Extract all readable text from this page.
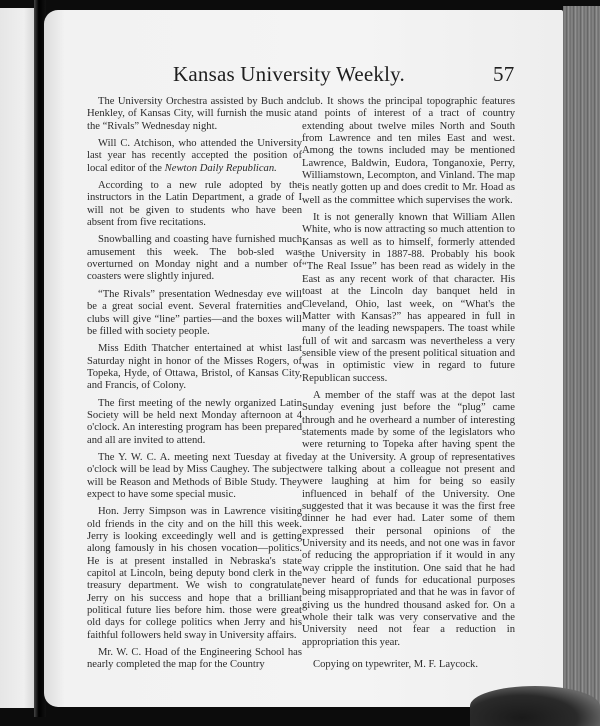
Kansas University Weekly.	57

The University Orchestra assisted by Buch and Henkley, of Kansas City, will furnish the music at the “Rivals” Wednesday night.

Will C. Atchison, who attended the University last year has recently accepted the position of local editor of the Newton Daily Republican.

According to a new rule adopted by the instructors in the Latin Department, a grade of I will not be given to students who have been absent from five recitations.

Snowballing and coasting have furnished much amusement this week. The bob-sled was overturned on Monday night and a number of coasters were slightly injured.

“The Rivals” presentation Wednesday eve will be a great social event. Several fraternities and clubs will give “line” parties—and the boxes will be filled with society people.

Miss Edith Thatcher entertained at whist last Saturday night in honor of the Misses Rogers, of Topeka, Hyde, of Ottawa, Bristol, of Kansas City, and Francis, of Colony.

The first meeting of the newly organized Latin Society will be held next Monday afternoon at 4 o'clock. An interesting program has been prepared and all are invited to attend.

The Y. W. C. A. meeting next Tuesday at five o'clock will be lead by Miss Caughey. The subject will be Reason and Methods of Bible Study. They expect to have some special music.

Hon. Jerry Simpson was in Lawrence visiting old friends in the city and on the hill this week. Jerry is looking exceedingly well and is getting along famously in his chosen vocation—politics. He is at present installed in Nebraska's state capitol at Lincoln, being deputy bond clerk in the treasury department. We wish to congratulate Jerry on his success and hope that a brilliant political future lies before him. those were great old days for college politics when Jerry and his faithful followers held sway in University affairs.

Mr. W. C. Hoad of the Engineering School has nearly completed the map for the Country

club. It shows the principal topographic features and points of interest of a tract of country extending about twelve miles North and South from Lawrence and ten miles East and west. Among the towns included may be mentioned Lawrence, Baldwin, Eudora, Tonganoxie, Perry, Williamstown, Lecompton, and Vinland. The map is neatly gotten up and does credit to Mr. Hoad as well as the committee which supervises the work.

It is not generally known that William Allen White, who is now attracting so much attention to Kansas as well as to himself, formerly attended the University in 1887-88. Probably his book “The Real Issue” has been read as widely in the East as any recent work of that character. His toast at the Lincoln day banquet held in Cleveland, Ohio, last week, on “What's the Matter with Kansas?” has appeared in full in many of the leading newspapers. The toast while full of wit and sarcasm was nevertheless a very sensible view of the present political situation and was in optimistic view in regard to future Republican success.

A member of the staff was at the depot last Sunday evening just before the “plug” came through and he overheard a number of interesting statements made by some of the legislators who were returning to Topeka after having spent the day at the University. A group of representatives were talking about a colleague not present and were laughing at him for being so easily influenced in behalf of the University. One suggested that it was because it was the first free dinner he had ever had. Later some of them expressed their personal opinions of the University and its needs, and not one was in favor of reducing the appropriation if it would in any way cripple the institution. One said that he had never heard of funds for educational purposes being misappropriated and that he was in favor of giving us the hundred thousand asked for. On a whole their talk was very conservative and the University need not fear a reduction in appropriation this year.

Copying on typewriter, M. F. Laycock.
